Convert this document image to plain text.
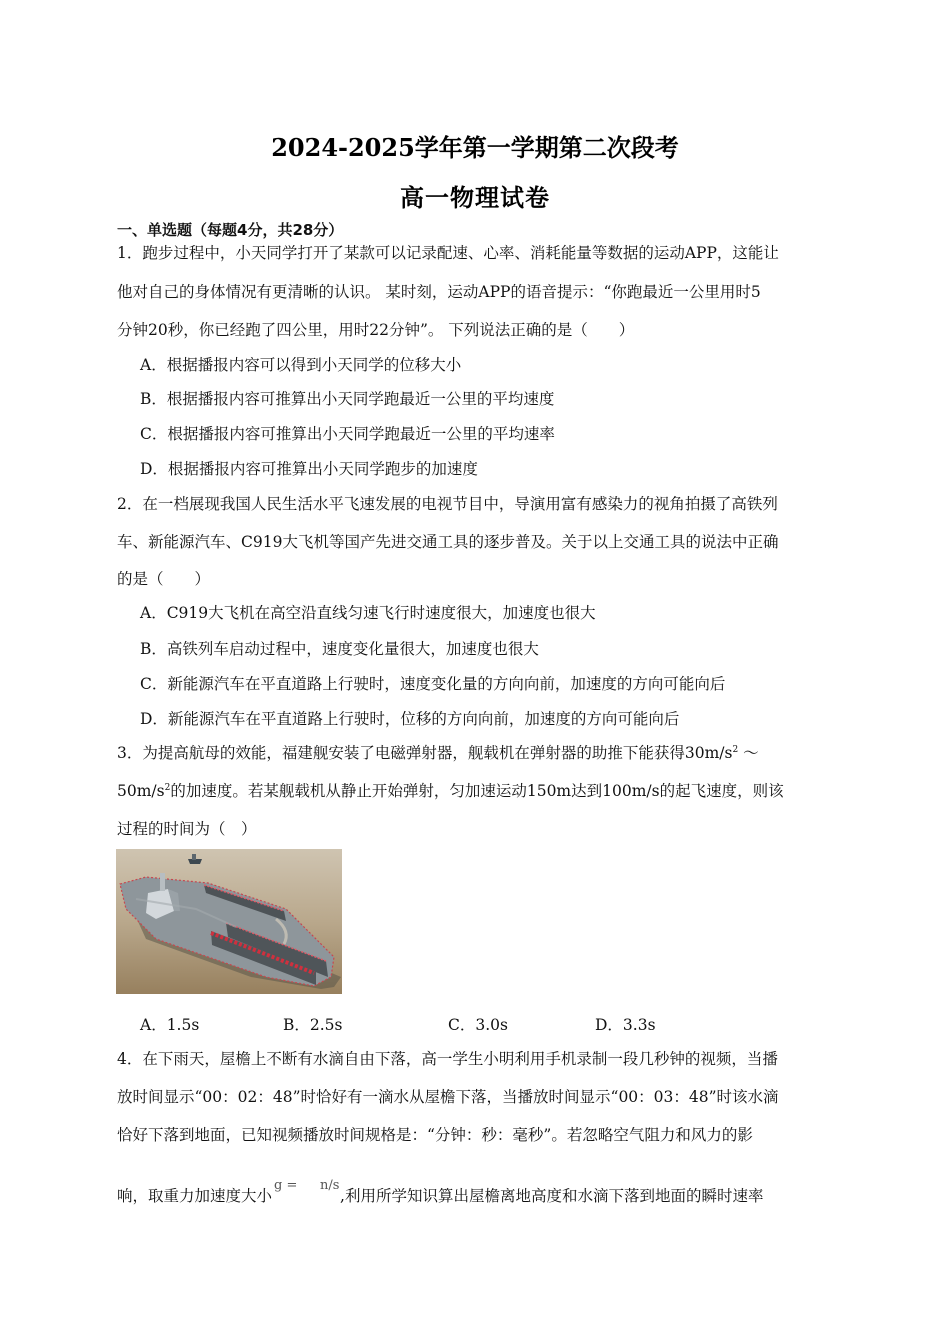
2024-2025学年第一学期第二次段考
高一物理试卷
一、单选题（每题4分，共28分）
1．跑步过程中，小天同学打开了某款可以记录配速、心率、消耗能量等数据的运动APP，这能让
他对自己的身体情况有更清晰的认识。 某时刻，运动APP的语音提示：“你跑最近一公里用时5
分钟20秒，你已经跑了四公里，用时22分钟”。 下列说法正确的是（　　）
A．根据播报内容可以得到小天同学的位移大小
B．根据播报内容可推算出小天同学跑最近一公里的平均速度
C．根据播报内容可推算出小天同学跑最近一公里的平均速率
D．根据播报内容可推算出小天同学跑步的加速度
2．在一档展现我国人民生活水平飞速发展的电视节目中，导演用富有感染力的视角拍摄了高铁列
车、新能源汽车、C919大飞机等国产先进交通工具的逐步普及。关于以上交通工具的说法中正确
的是（　　）
A．C919大飞机在高空沿直线匀速飞行时速度很大，加速度也很大
B．高铁列车启动过程中，速度变化量很大，加速度也很大
C．新能源汽车在平直道路上行驶时，速度变化量的方向向前，加速度的方向可能向后
D．新能源汽车在平直道路上行驶时，位移的方向向前，加速度的方向可能向后
3．为提高航母的效能，福建舰安装了电磁弹射器，舰载机在弹射器的助推下能获得$30m/s^2$ ～
$50m/s^2$的加速度。若某舰载机从静止开始弹射，匀加速运动150m达到100m/s的起飞速度，则该
过程的时间为（　）
A．1.5s	B．2.5s	C．3.0s	D．3.3s
4．在下雨天，屋檐上不断有水滴自由下落，高一学生小明利用手机录制一段几秒钟的视频，当播
放时间显示“00：02：48”时恰好有一滴水从屋檐下落，当播放时间显示“00：03：48”时该水滴
恰好下落到地面，已知视频播放时间规格是：“分钟：秒：毫秒”。若忽略空气阻力和风力的影
响，取重力加速度大小
g = n/s
,利用所学知识算出屋檐离地高度和水滴下落到地面的瞬时速率
